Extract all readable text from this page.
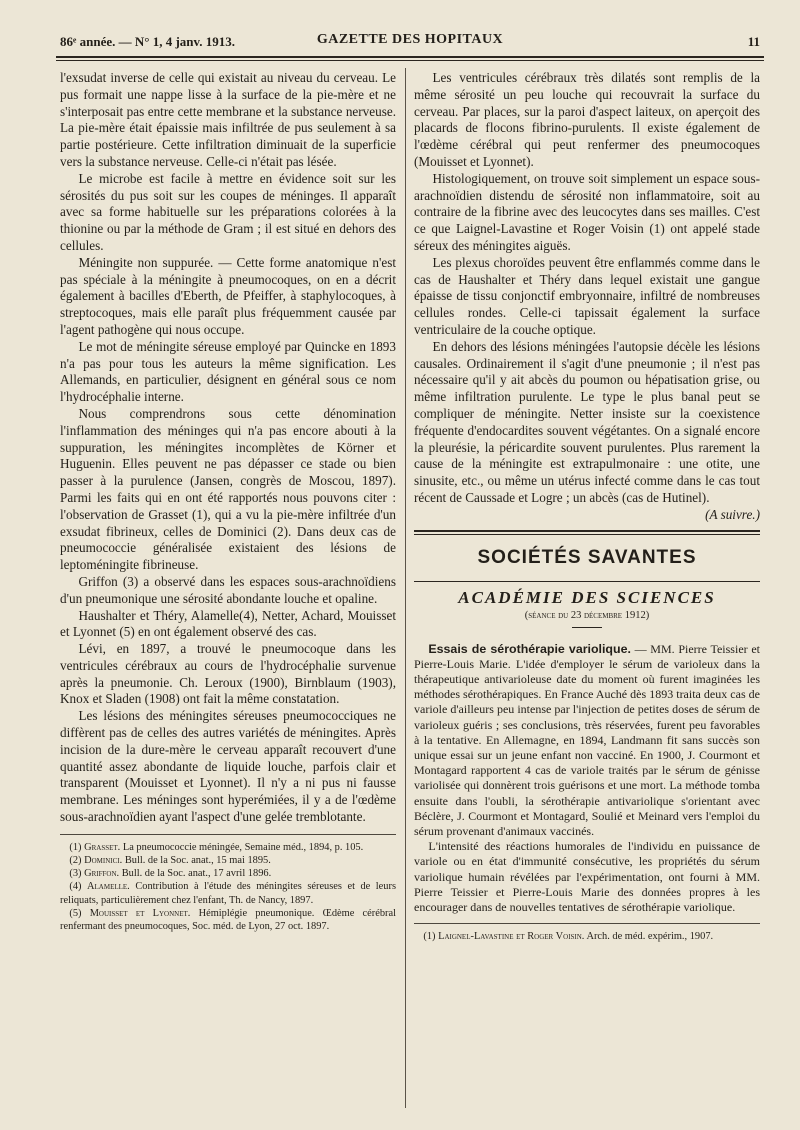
86ᵉ année. — N° 1, 4 janv. 1913.	GAZETTE DES HOPITAUX	11

l'exsudat inverse de celle qui existait au niveau du cerveau. Le pus formait une nappe lisse à la surface de la pie-mère et ne s'interposait pas entre cette membrane et la substance nerveuse. La pie-mère était épaissie mais infiltrée de pus seulement à sa partie postérieure. Cette infiltration diminuait de la superficie vers la substance nerveuse. Celle-ci n'était pas lésée.

Le microbe est facile à mettre en évidence soit sur les sérosités du pus soit sur les coupes de méninges. Il apparaît avec sa forme habituelle sur les préparations colorées à la thionine ou par la méthode de Gram ; il est situé en dehors des cellules.

Méningite non suppurée. — Cette forme anatomique n'est pas spéciale à la méningite à pneumocoques, on en a décrit également à bacilles d'Eberth, de Pfeiffer, à staphylocoques, à streptocoques, mais elle paraît plus fréquemment causée par l'agent pathogène qui nous occupe.

Le mot de méningite séreuse employé par Quincke en 1893 n'a pas pour tous les auteurs la même signification. Les Allemands, en particulier, désignent en général sous ce nom l'hydrocéphalie interne.

Nous comprendrons sous cette dénomination l'inflammation des méninges qui n'a pas encore abouti à la suppuration, les méningites incomplètes de Körner et Huguenin. Elles peuvent ne pas dépasser ce stade ou bien passer à la purulence (Jansen, congrès de Moscou, 1897). Parmi les faits qui en ont été rapportés nous pouvons citer : l'observation de Grasset (1), qui a vu la pie-mère infiltrée d'un exsudat fibrineux, celles de Dominici (2). Dans deux cas de pneumococcie généralisée existaient des lésions de leptoméningite fibrineuse.

Griffon (3) a observé dans les espaces sous-arachnoïdiens d'un pneumonique une sérosité abondante louche et opaline.

Haushalter et Théry, Alamelle(4), Netter, Achard, Mouisset et Lyonnet (5) en ont également observé des cas.

Lévi, en 1897, a trouvé le pneumocoque dans les ventricules cérébraux au cours de l'hydrocéphalie survenue après la pneumonie. Ch. Leroux (1900), Birnblaum (1903), Knox et Sladen (1908) ont fait la même constatation.

Les lésions des méningites séreuses pneumococciques ne diffèrent pas de celles des autres variétés de méningites. Après incision de la dure-mère le cerveau apparaît recouvert d'une quantité assez abondante de liquide louche, parfois clair et transparent (Mouisset et Lyonnet). Il n'y a ni pus ni fausse membrane. Les méninges sont hyperémiées, il y a de l'œdème sous-arachnoïdien ayant l'aspect d'une gelée tremblotante.

(1) Grasset. La pneumococcie méningée, Semaine méd., 1894, p. 105.

(2) Dominici. Bull. de la Soc. anat., 15 mai 1895.

(3) Griffon. Bull. de la Soc. anat., 17 avril 1896.

(4) Alamelle. Contribution à l'étude des méningites séreuses et de leurs reliquats, particulièrement chez l'enfant, Th. de Nancy, 1897.

(5) Mouisset et Lyonnet. Hémiplégie pneumonique. Œdème cérébral renfermant des pneumocoques, Soc. méd. de Lyon, 27 oct. 1897.

Les ventricules cérébraux très dilatés sont remplis de la même sérosité un peu louche qui recouvrait la surface du cerveau. Par places, sur la paroi d'aspect laiteux, on aperçoit des placards de flocons fibrino-purulents. Il existe également de l'œdème cérébral qui peut renfermer des pneumocoques (Mouisset et Lyonnet).

Histologiquement, on trouve soit simplement un espace sous-arachnoïdien distendu de sérosité non inflammatoire, soit au contraire de la fibrine avec des leucocytes dans ses mailles. C'est ce que Laignel-Lavastine et Roger Voisin (1) ont appelé stade séreux des méningites aiguës.

Les plexus choroïdes peuvent être enflammés comme dans le cas de Haushalter et Théry dans lequel existait une gangue épaisse de tissu conjonctif embryonnaire, infiltré de nombreuses cellules rondes. Celle-ci tapissait également la surface ventriculaire de la couche optique.

En dehors des lésions méningées l'autopsie décèle les lésions causales. Ordinairement il s'agit d'une pneumonie ; il n'est pas nécessaire qu'il y ait abcès du poumon ou hépatisation grise, ou même infiltration purulente. Le type le plus banal peut se compliquer de méningite. Netter insiste sur la coexistence fréquente d'endocardites souvent végétantes. On a signalé encore la pleurésie, la péricardite souvent purulentes. Plus rarement la cause de la méningite est extrapulmonaire : une otite, une sinusite, etc., ou même un utérus infecté comme dans le cas tout récent de Caussade et Logre ; un abcès (cas de Hutinel).

(A suivre.)

SOCIÉTÉS SAVANTES
ACADÉMIE DES SCIENCES
(séance du 23 décembre 1912)

Essais de sérothérapie variolique. — MM. Pierre Teissier et Pierre-Louis Marie. L'idée d'employer le sérum de varioleux dans la thérapeutique antivarioleuse date du moment où furent imaginées les méthodes sérothérapiques. En France Auché dès 1893 traita deux cas de variole d'ailleurs peu intense par l'injection de petites doses de sérum de varioleux guéris ; ses conclusions, très réservées, furent peu favorables à la tentative. En Allemagne, en 1894, Landmann fit sans succès son unique essai sur un jeune enfant non vacciné. En 1900, J. Courmont et Montagard rapportent 4 cas de variole traités par le sérum de génisse variolisée qui donnèrent trois guérisons et une mort. La méthode tomba ensuite dans l'oubli, la sérothérapie antivariolique s'orientant avec Béclère, J. Courmont et Montagard, Soulié et Meinard vers l'emploi du sérum provenant d'animaux vaccinés.

L'intensité des réactions humorales de l'individu en puissance de variole ou en état d'immunité consécutive, les propriétés du sérum variolique humain révélées par l'expérimentation, ont fourni à MM. Pierre Teissier et Pierre-Louis Marie des données propres à les encourager dans de nouvelles tentatives de sérothérapie variolique.

(1) Laignel-Lavastine et Roger Voisin. Arch. de méd. expérim., 1907.
